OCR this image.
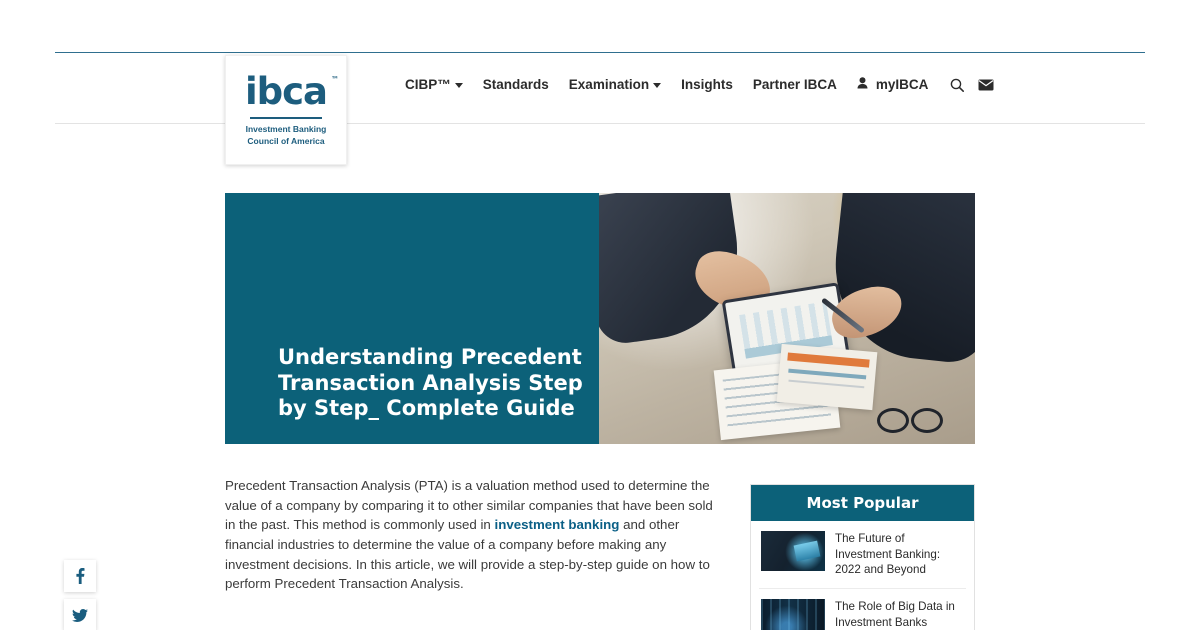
ibca ™
Investment Banking
Council of America
CIBP™ Standards Examination Insights Partner IBCA	myIBCA
Understanding Precedent Transaction Analysis Step by Step_ Complete Guide
Precedent Transaction Analysis (PTA) is a valuation method used to determine the value of a company by comparing it to other similar companies that have been sold in the past. This method is commonly used in investment banking and other financial industries to determine the value of a company before making any investment decisions. In this article, we will provide a step-by-step guide on how to perform Precedent Transaction Analysis.
Most Popular
The Future of Investment Banking: 2022 and Beyond
The Role of Big Data in Investment Banks
